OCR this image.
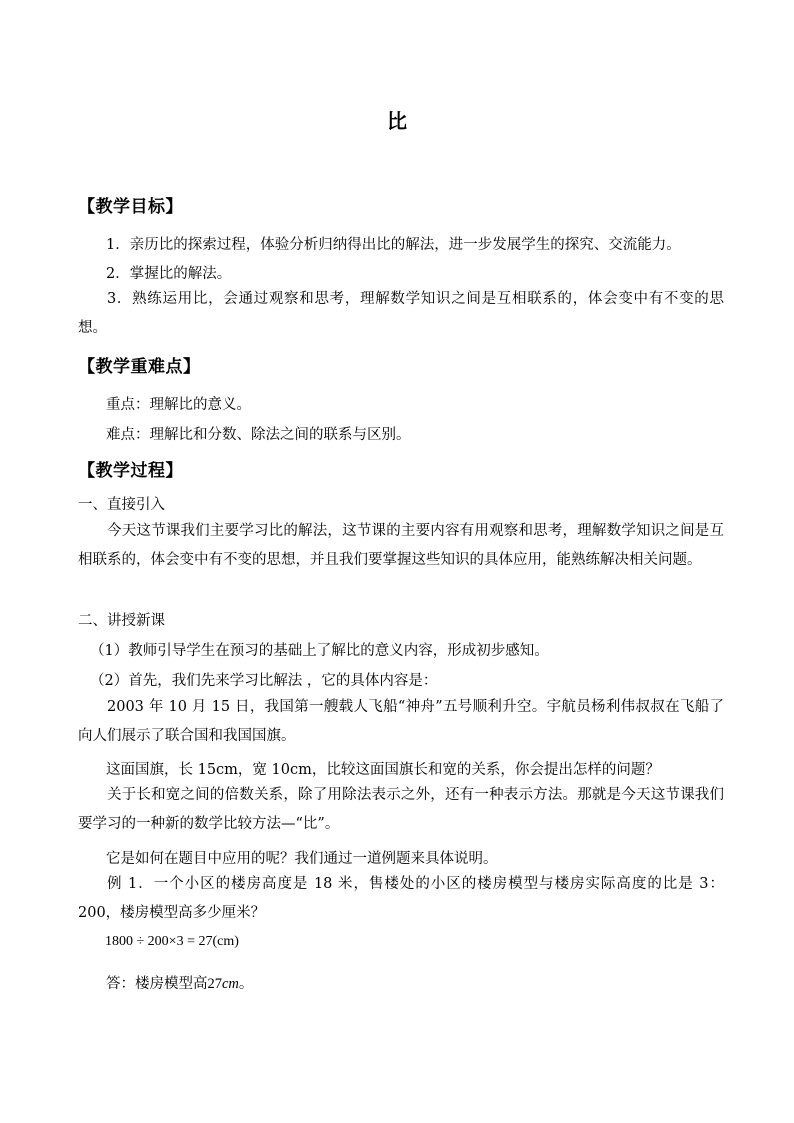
比
【教学目标】
1．亲历比的探索过程，体验分析归纳得出比的解法，进一步发展学生的探究、交流能力。
2．掌握比的解法。
3．熟练运用比，会通过观察和思考，理解数学知识之间是互相联系的，体会变中有不变的思想。
【教学重难点】
重点：理解比的意义。
难点：理解比和分数、除法之间的联系与区别。
【教学过程】
一、直接引入
今天这节课我们主要学习比的解法，这节课的主要内容有用观察和思考，理解数学知识之间是互相联系的，体会变中有不变的思想，并且我们要掌握这些知识的具体应用，能熟练解决相关问题。
二、讲授新课
（1）教师引导学生在预习的基础上了解比的意义内容，形成初步感知。
（2）首先，我们先来学习比解法 ，它的具体内容是：
2003 年 10 月 15 日，我国第一艘载人飞船“神舟”五号顺利升空。宇航员杨利伟叔叔在飞船了向人们展示了联合国和我国国旗。
这面国旗，长 15cm，宽 10cm，比较这面国旗长和宽的关系，你会提出怎样的问题？
关于长和宽之间的倍数关系，除了用除法表示之外，还有一种表示方法。那就是今天这节课我们要学习的一种新的数学比较方法—“比”。
它是如何在题目中应用的呢？我们通过一道例题来具体说明。
例 1．一个小区的楼房高度是 18 米，售楼处的小区的楼房模型与楼房实际高度的比是 3：200，楼房模型高多少厘米？
1800 ÷ 200×3 = 27(cm)
答：楼房模型高27cm。
